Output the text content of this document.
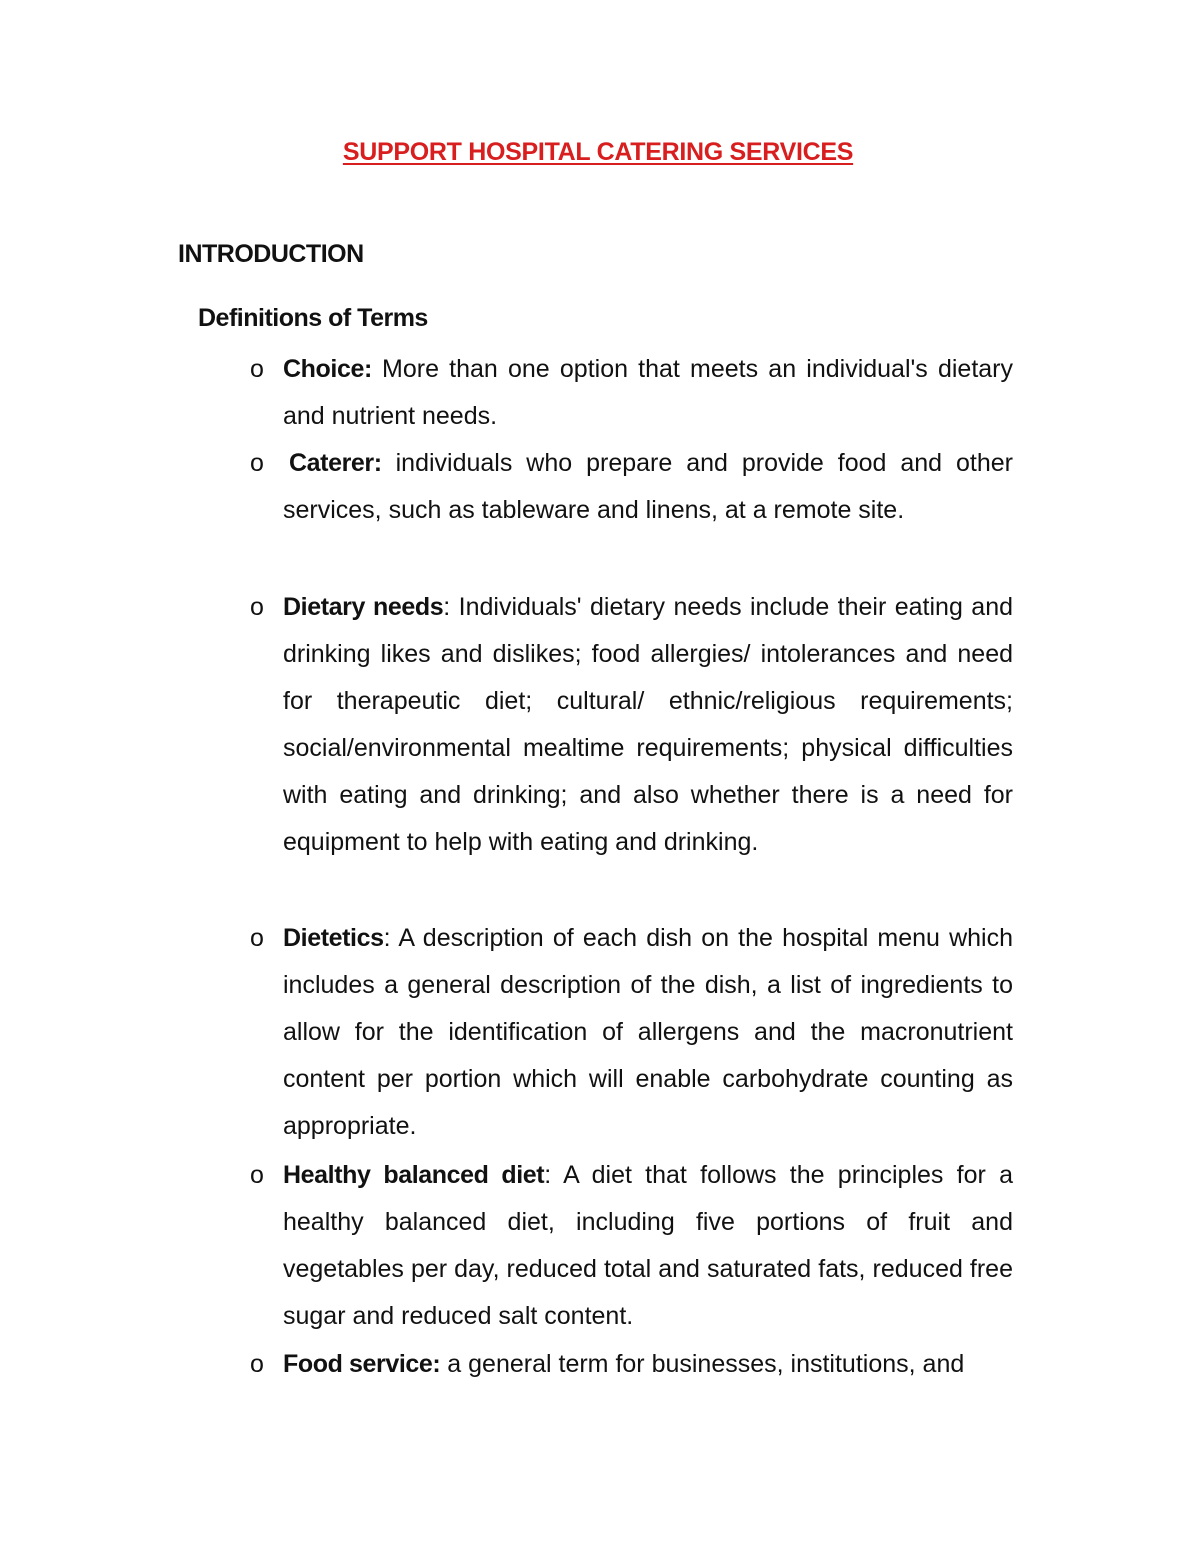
SUPPORT HOSPITAL CATERING SERVICES
INTRODUCTION
Definitions of Terms
o Choice: More than one option that meets an individual's dietary and nutrient needs.

o Caterer: individuals who prepare and provide food and other services, such as tableware and linens, at a remote site.

o Dietary needs: Individuals' dietary needs include their eating and drinking likes and dislikes; food allergies/ intolerances and need for therapeutic diet; cultural/ ethnic/religious requirements; social/environmental mealtime requirements; physical difficulties with eating and drinking; and also whether there is a need for equipment to help with eating and drinking.

o Dietetics: A description of each dish on the hospital menu which includes a general description of the dish, a list of ingredients to allow for the identification of allergens and the macronutrient content per portion which will enable carbohydrate counting as appropriate.

o Healthy balanced diet: A diet that follows the principles for a healthy balanced diet, including five portions of fruit and vegetables per day, reduced total and saturated fats, reduced free sugar and reduced salt content.

o Food service: a general term for businesses, institutions, and
